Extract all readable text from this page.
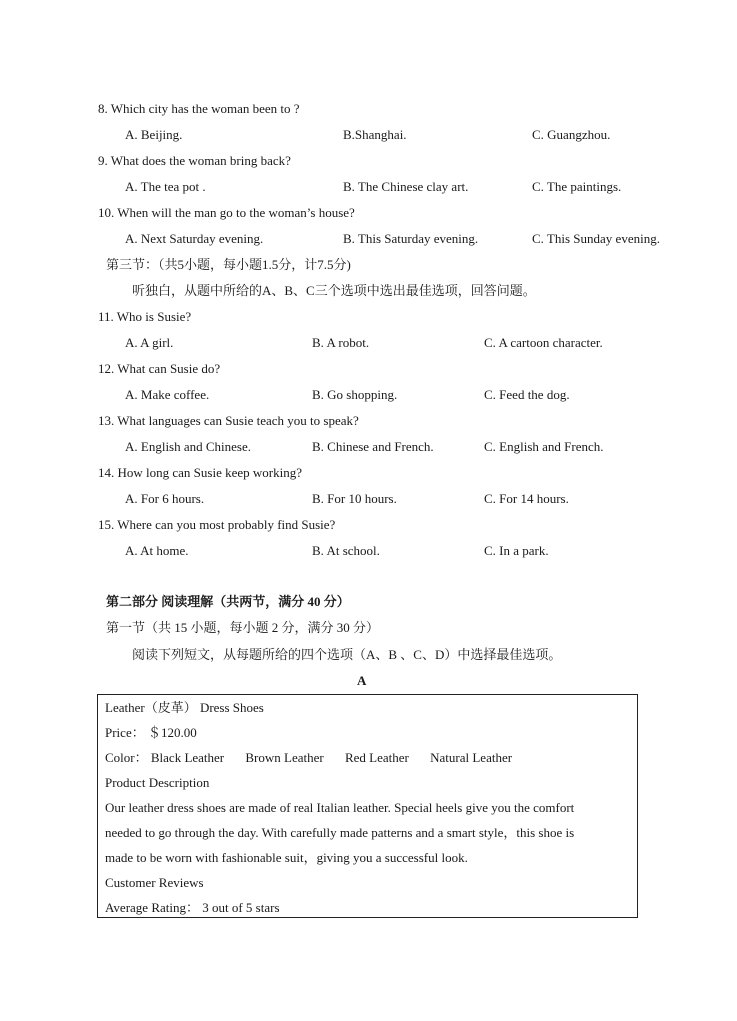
8. Which city has the woman been to ?
A. Beijing.	B.Shanghai.	C. Guangzhou.
9. What does the woman bring back?
A. The tea pot .	B. The Chinese clay art.	C. The paintings.
10. When will the man go to the woman’s house?
A. Next Saturday evening.	B. This Saturday evening.	C. This Sunday evening.
第三节：（共5小题，每小题1.5分，计7.5分)
听独白，从题中所给的A、B、C三个选项中选出最佳选项，回答问题。
11. Who is Susie?
A. A girl.	B. A robot.	C. A cartoon character.
12. What can Susie do?
A. Make coffee.	B. Go shopping.	C. Feed the dog.
13. What languages can Susie teach you to speak?
A. English and Chinese.	B. Chinese and French.	C. English and French.
14. How long can Susie keep working?
A. For 6 hours.	B. For 10 hours.	C. For 14 hours.
15. Where can you most probably find Susie?
A. At home.	B. At school.	C. In a park.
第二部分 阅读理解（共两节，满分 40 分）
第一节（共 15 小题，每小题 2 分，满分 30 分）
阅读下列短文，从每题所给的四个选项（A、B 、C、D）中选择最佳选项。
A
Leather（皮革） Dress Shoes
Price： ＄120.00
Color： Black Leather Brown Leather Red Leather Natural Leather
Product Description
Our leather dress shoes are made of real Italian leather. Special heels give you the comfort
needed to go through the day. With carefully made patterns and a smart style，this shoe is
made to be worn with fashionable suit，giving you a successful look.
Customer Reviews
Average Rating： 3 out of 5 stars
